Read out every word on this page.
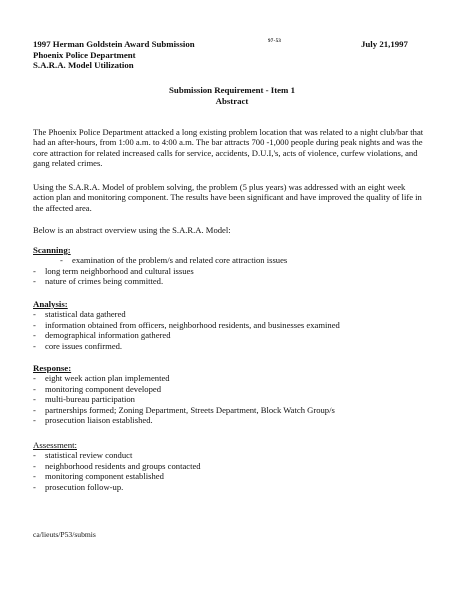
1997 Herman Goldstein Award Submission
Phoenix Police Department
S.A.R.A. Model Utilization
97-53	July 21,1997
Submission Requirement - Item 1
Abstract
The Phoenix Police Department attacked a long existing problem location that was related to a night club/bar that had an after-hours, from 1:00 a.m. to 4:00 a.m. The bar attracts 700 -1,000 people during peak nights and was the core attraction for related increased calls for service, accidents, D.U.I,'s, acts of violence, curfew violations, and gang related crimes.
Using the S.A.R.A. Model of problem solving, the problem (5 plus years) was addressed with an eight week action plan and monitoring component. The results have been significant and have improved the quality of life in the affected area.
Below is an abstract overview using the S.A.R.A. Model:
Scanning:
- examination of the problem/s and related core attraction issues
- long term neighborhood and cultural issues
- nature of crimes being committed.
Analysis:
- statistical data gathered
- information obtained from officers, neighborhood residents, and businesses examined
- demographical information gathered
- core issues confirmed.
Response:
- eight week action plan implemented
- monitoring component developed
- multi-bureau participation
- partnerships formed; Zoning Department, Streets Department, Block Watch Group/s
- prosecution liaison established.
Assessment:
- statistical review conduct
- neighborhood residents and groups contacted
- monitoring component established
- prosecution follow-up.
ca/lieuts/P53/submis
